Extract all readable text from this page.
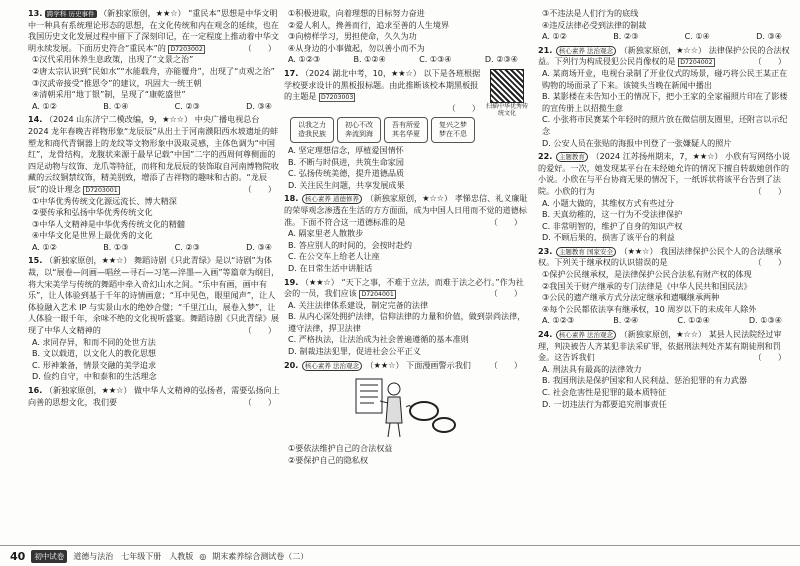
13. 跨学科 历史事件 （新独家原创，★★☆） “重民本”思想是中华文明中一种具有系统理论形态的思想，在文化传统和内在观念的延续，也在我国历史文化发展过程中留下了深刻印记，在一定程度上推动着中华文明永续发展。下面历史符合“重民本”的 D7203002	（　　）
①汉代采用休养生息政策，出现了“文景之治”
②唐太宗认识到“民如水”“水能载舟，亦能覆舟”，出现了“贞观之治”
③汉武帝接受“推恩令”的建议，巩固大一统王朝
④清朝采用“地丁银”制，呈现了“康乾盛世”
A. ①②	B. ①④	C. ②③	D. ③④
14. （2024 山东济宁二模改编，9，★☆☆） 中央广播电视总台 2024 龙年春晚吉祥物形象“龙辰辰”从出土于河南濮阳西水坡遗址的蚌塑龙和商代青铜器上的龙纹等文物形象中汲取灵感，主体色调为“中国红”，龙骨结构，龙腹状来源于最早记载“中国”二字的西周何尊侧面的四足动物与纹饰、龙爪等特征，而将和龙辰辰的装饰取自河南博物院收藏的云纹铜禁纹饰，精美别致，增添了吉祥物的趣味和古韵。“龙辰辰”的设计理念 D7203001	（　　）
①中华优秀传统文化源远流长、博大精深
②要传承和弘扬中华优秀传统文化
③中华人文精神是中华优秀传统文化的精髓
④中华文化是世界上最优秀的文化
A. ①②	B. ①③	C. ②③	D. ③④
15. （新独家原创，★★☆） 舞蹈诗剧《只此青绿》是以“诗剧”为体裁，以“展卷—问画—唱丝—寻石—习笔—淬墨—入画”等篇章为纲目，将大宋美学与传统的舞蹈中牵入奇幻山水之间。“乐中有画，画中有乐”，让人体验到基于千年的诗情画意；“耳中见色，眼里闻声”，让人体验融入艺术 IP 与实景山水的绝妙合璧；“千里江山，展卷入梦”，让人体验一眼千年，余味不绝的文化视听盛宴。舞蹈诗剧《只此青绿》展现了中华人文精神的	（　　）
A. 求同存异，和而不同的处世方法
B. 文以载道，以文化人的教化思想
C. 形神兼备，情景交融的美学追求
D. 俭约自守，中和泰和的生活理念
16. （新独家原创，★★☆） 做中华人文精神的弘扬者，需要弘扬向上向善的思想文化，我们要	（　　）
①积极进取，向着理想的目标努力奋进
②爱人利人，搀善而行，追求至善的人生境界
③向榜样学习，男担使命，久久为功
④从身边的小事做起，勿以善小而不为
A. ①②③	B. ①②④	C. ①③④	D. ②③④
扫描中华优秀传统文化
17. （2024 湖北中考，10，★★☆） 以下是各班根据学校要求设计的黑板报标题。由此推断该校本期黑板报的主题是 D7203003
（　　）
以我之力
造我民族
初心不改
奔流到海
吾有所爱
其名华夏
复兴之梦
梦在不息
A. 坚定理想信念，厚植爱国情怀
B. 不断与时俱进，共筑生命家园
C. 弘扬传统美德，提升道德品质
D. 关注民生问题，共享发展成果
18. 核心素养 道德修养 （新独家原创，★☆☆） 孝悌忠信、礼义廉耻的荣辱观念渗透在生活的方方面面，成为中国人日用而不觉的道德标准。下面不符合这一道德标准的是	（　　）
A. 隔家里老人散散步
B. 答应别人的时间的，会按时赴约
C. 在公交车上给老人让座
D. 在日常生活中讲脏话
19. （★★☆） “天下之事，不难于立法，而难于法之必行。”作为社会的一员，我们应该 D7204001	（　　）
A. 关注法律体系建设，制定完备的法律
B. 从内心深处拥护法律，信仰法律的力量和价值，做到崇尚法律，遵守法律，捍卫法律
C. 严格执法，让法治成为社会普遍遵循的基本准则
D. 制裁违法犯罪，促进社会公平正义
20. 核心素养 法治观念 （★★☆） 下面漫画警示我们 （　　）
①要依法维护自己的合法权益
②要保护自己的隐私权
③不违法是人们行为的底线
④违反法律必受到法律的制裁
A. ①②	B. ②③	C. ①④	D. ③④
21. 核心素养 法治观念 （新独家原创，★☆☆） 法律保护公民的合法权益。下列行为构成侵犯公民肖像权的是 D7204002	（　　）
A. 某商场开业，电视台录制了开业仪式的场景，碰巧将公民王某正在购物的场面录了下来。该镜头当晚在新闻中播出
B. 某影楼在未告知小王的情况下，把小王家的全家福照片印在了影楼的宣传册上以招揽生意
C. 小张将市民赛某个年轻时的照片放在微信朋友圈里，还附言以示纪念
D. 公安人员在张贴的海报中刊登了一张嫌疑人的照片
22. 主题教育 （2024 江苏扬州期末，7，★★☆） 小欣有写网络小说的爱好。一次，她发现某平台在未经她允许的情况下擅自转载她创作的小说。小欣在与平台协商无果的情况下，一纸诉状将该平台告到了法院。小欣的行为	（　　）
A. 小题大做的，其维权方式有些过分
B. 天真幼稚的，这一行为不受法律保护
C. 非常明智的，维护了自身的知识产权
D. 不顾后果的，损害了该平台的利益
23. 主题教育 国家安全 （★★☆） 我国法律保护公民个人的合法继承权。下列关于继承权的认识错误的是	（　　）
①保护公民继承权，是法律保护公民合法私有财产权的体现
②我国关于财产继承的专门法律是《中华人民共和国民法》
③公民的遗产继承方式分法定继承和遗嘱继承两种
④每个公民都依法享有继承权，10 周岁以下的未成年人除外
A. ①②③	B. ②④	C. ①②④	D. ①③④
24. 核心素养 法治观念 （新独家原创，★☆☆） 某县人民法院经过审理，判决被告人齐某犯非法采矿罪，依据刑法判处齐某有期徒刑和罚金。这告诉我们	（　　）
A. 刑法具有最高的法律效力
B. 我国刑法是保护国家和人民利益、惩治犯罪的有力武器
C. 社会危害性是犯罪的最本质特征
D. 一切违法行为都要追究刑事责任
40	初中试卷	道德与法治　七年级下册　人教版 ◎ 期末素养综合测试卷（二）
